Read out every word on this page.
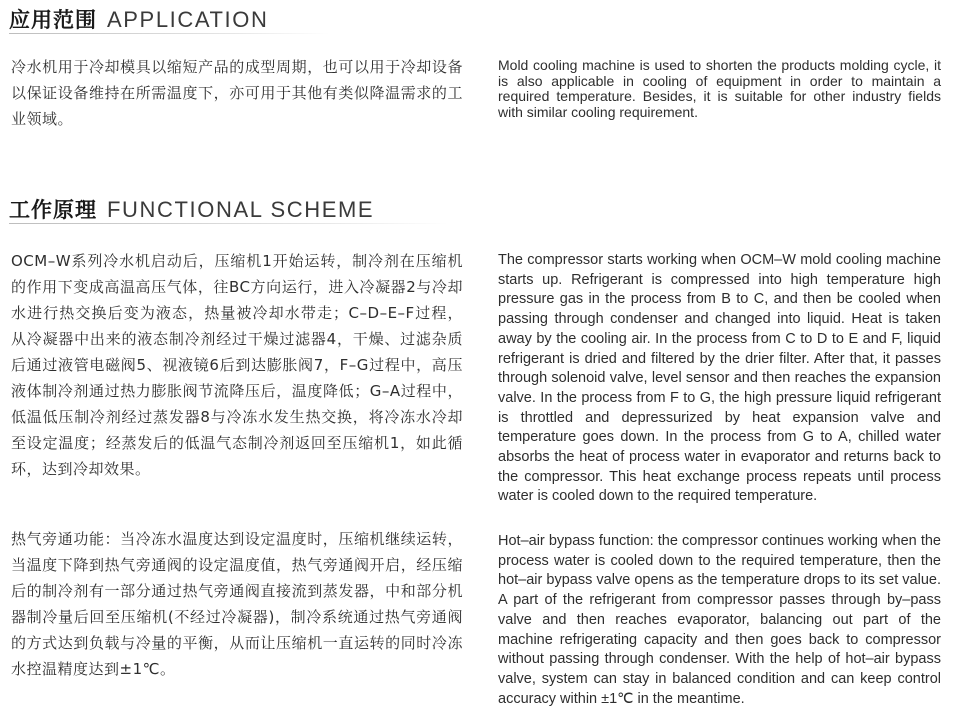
应用范围 APPLICATION
冷水机用于冷却模具以缩短产品的成型周期，也可以用于冷却设备以保证设备维持在所需温度下，亦可用于其他有类似降温需求的工业领域。
Mold cooling machine is used to shorten the products molding cycle, it is also applicable in cooling of equipment in order to maintain a required temperature. Besides, it is suitable for other industry fields with similar cooling requirement.
工作原理 FUNCTIONAL SCHEME
OCM–W系列冷水机启动后，压缩机1开始运转，制冷剂在压缩机的作用下变成高温高压气体，往BC方向运行，进入冷凝器2与冷却水进行热交换后变为液态，热量被冷却水带走；C–D–E–F过程，从冷凝器中出来的液态制冷剂经过干燥过滤器4，干燥、过滤杂质后通过液管电磁阀5、视液镜6后到达膨胀阀7，F–G过程中，高压液体制冷剂通过热力膨胀阀节流降压后，温度降低；G–A过程中，低温低压制冷剂经过蒸发器8与冷冻水发生热交换，将冷冻水冷却至设定温度；经蒸发后的低温气态制冷剂返回至压缩机1，如此循环，达到冷却效果。
热气旁通功能：当冷冻水温度达到设定温度时，压缩机继续运转，当温度下降到热气旁通阀的设定温度值，热气旁通阀开启，经压缩后的制冷剂有一部分通过热气旁通阀直接流到蒸发器，中和部分机器制冷量后回至压缩机(不经过冷凝器)，制冷系统通过热气旁通阀的方式达到负载与冷量的平衡，从而让压缩机一直运转的同时冷冻水控温精度达到±1℃。
The compressor starts working when OCM–W mold cooling machine starts up. Refrigerant is compressed into high temperature high pressure gas in the process from B to C, and then be cooled when passing through condenser and changed into liquid. Heat is taken away by the cooling air. In the process from C to D to E and F, liquid refrigerant is dried and filtered by the drier filter. After that, it passes through solenoid valve, level sensor and then reaches the expansion valve. In the process from F to G, the high pressure liquid refrigerant is throttled and depressurized by heat expansion valve and temperature goes down. In the process from G to A, chilled water absorbs the heat of process water in evaporator and returns back to the compressor. This heat exchange process repeats until process water is cooled down to the required temperature.
Hot–air bypass function: the compressor continues working when the process water is cooled down to the required temperature, then the hot–air bypass valve opens as the temperature drops to its set value. A part of the refrigerant from compressor passes through by–pass valve and then reaches evaporator, balancing out part of the machine refrigerating capacity and then goes back to compressor without passing through condenser. With the help of hot–air bypass valve, system can stay in balanced condition and can keep control accuracy within ±1℃ in the meantime.
